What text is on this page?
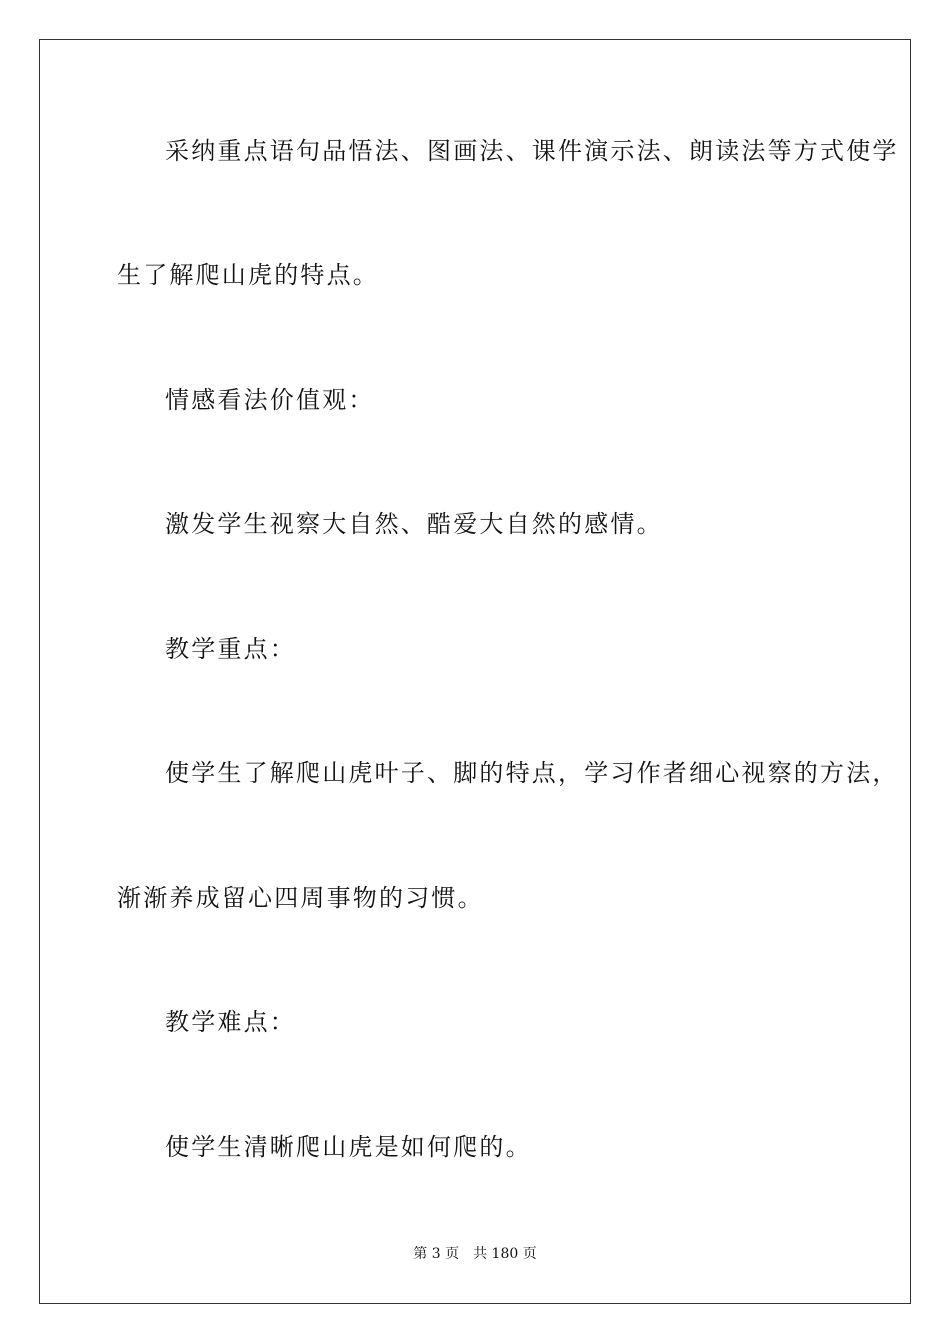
采纳重点语句品悟法、图画法、课件演示法、朗读法等方式使学
生了解爬山虎的特点。
情感看法价值观：
激发学生视察大自然、酷爱大自然的感情。
教学重点：
使学生了解爬山虎叶子、脚的特点，学习作者细心视察的方法，
渐渐养成留心四周事物的习惯。
教学难点：
使学生清晰爬山虎是如何爬的。
第 3 页 共 180 页
